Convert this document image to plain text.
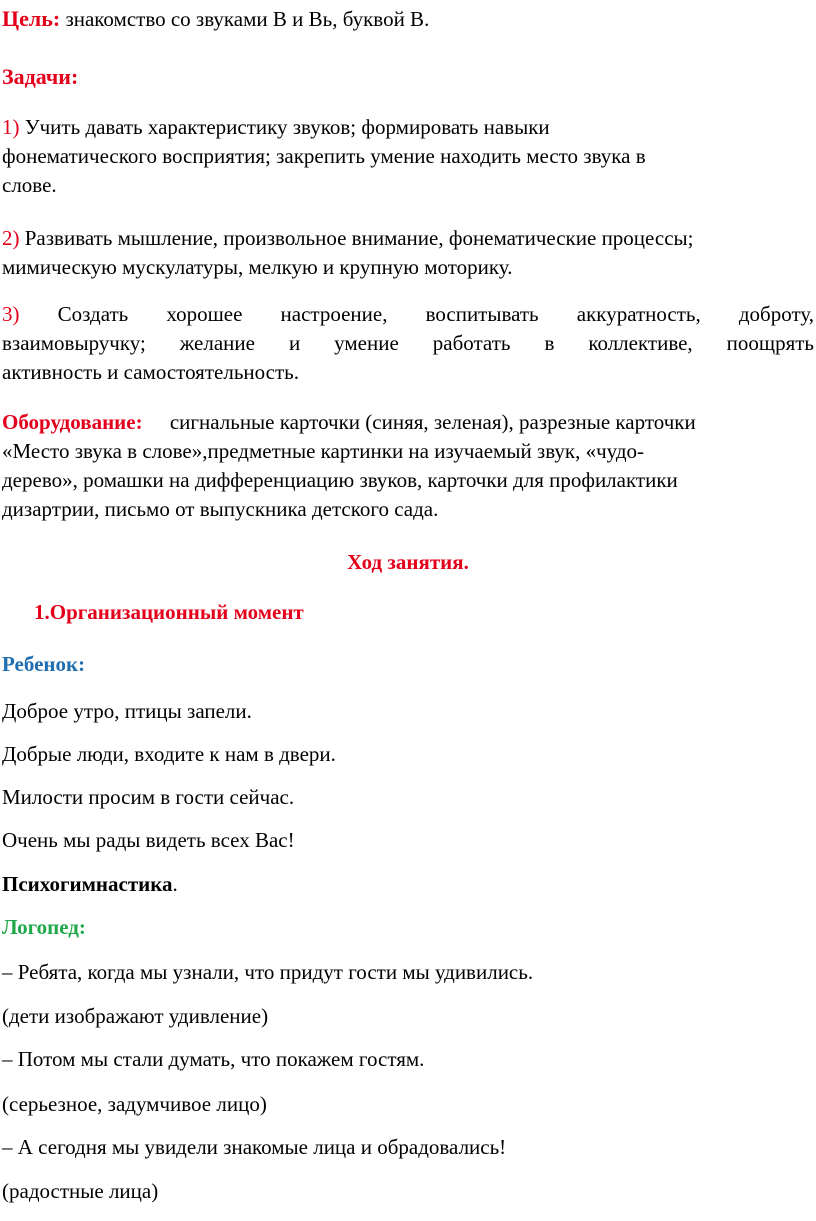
Цель: знакомство со звуками В и Вь, буквой В.

Задачи:

1) Учить давать характеристику звуков; формировать навыки
фонематического восприятия; закрепить умение находить место звука в
слове.
2) Развивать мышление, произвольное внимание, фонематические процессы;
мимическую мускулатуры, мелкую и крупную моторику.
3) Создать хорошее настроение, воспитывать аккуратность, доброту,
взаимовыручку; желание и умение работать в коллективе, поощрять
активность и самостоятельность.
Оборудование: сигнальные карточки (синяя, зеленая), разрезные карточки
«Место звука в слове»,предметные картинки на изучаемый звук, «чудо-
дерево», ромашки на дифференциацию звуков, карточки для профилактики
дизартрии, письмо от выпускника детского сада.

Ход занятия.

1.Организационный момент

Ребенок:

Доброе утро, птицы запели.

Добрые люди, входите к нам в двери.

Милости просим в гости сейчас.

Очень мы рады видеть всех Вас!

Психогимнастика.

Логопед:

– Ребята, когда мы узнали, что придут гости мы удивились.

(дети изображают удивление)

– Потом мы стали думать, что покажем гостям.

(серьезное, задумчивое лицо)

– А сегодня мы увидели знакомые лица и обрадовались!

(радостные лица)
